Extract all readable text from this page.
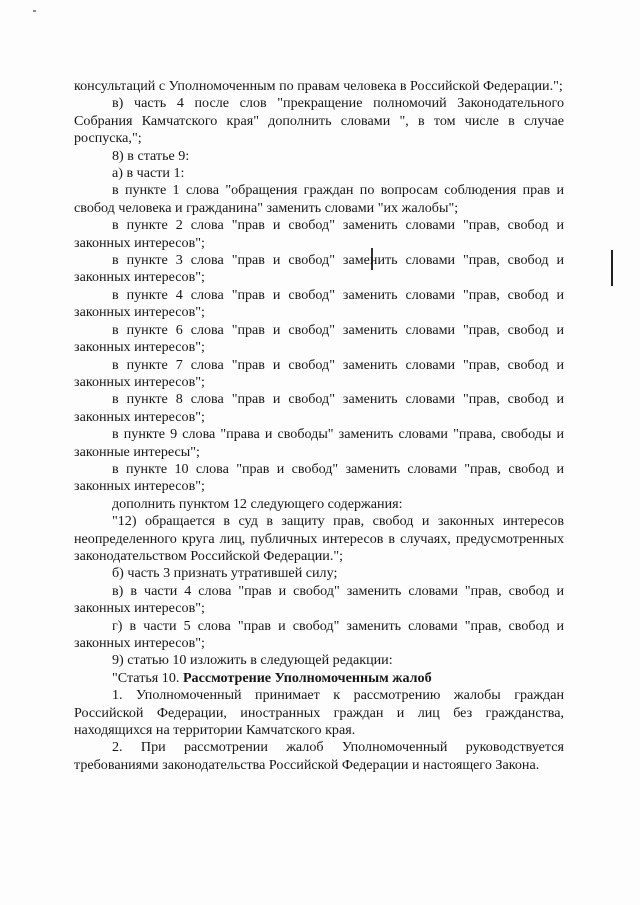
консультаций с Уполномоченным по правам человека в Российской Федерации.";

в) часть 4 после слов "прекращение полномочий Законодательного Собрания Камчатского края" дополнить словами ", в том числе в случае роспуска,";

8) в статье 9:

а) в части 1:

в пункте 1 слова "обращения граждан по вопросам соблюдения прав и свобод человека и гражданина" заменить словами "их жалобы";

в пункте 2 слова "прав и свобод" заменить словами "прав, свобод и законных интересов";

в пункте 3 слова "прав и свобод" заменить словами "прав, свобод и законных интересов";

в пункте 4 слова "прав и свобод" заменить словами "прав, свобод и законных интересов";

в пункте 6 слова "прав и свобод" заменить словами "прав, свобод и законных интересов";

в пункте 7 слова "прав и свобод" заменить словами "прав, свобод и законных интересов";

в пункте 8 слова "прав и свобод" заменить словами "прав, свобод и законных интересов";

в пункте 9 слова "права и свободы" заменить словами "права, свободы и законные интересы";

в пункте 10 слова "прав и свобод" заменить словами "прав, свобод и законных интересов";

дополнить пунктом 12 следующего содержания:

"12) обращается в суд в защиту прав, свобод и законных интересов неопределенного круга лиц, публичных интересов в случаях, предусмотренных законодательством Российской Федерации.";

б) часть 3 признать утратившей силу;

в) в части 4 слова "прав и свобод" заменить словами "прав, свобод и законных интересов";

г) в части 5 слова "прав и свобод" заменить словами "прав, свобод и законных интересов";

9) статью 10 изложить в следующей редакции:

"Статья 10. Рассмотрение Уполномоченным жалоб

1. Уполномоченный принимает к рассмотрению жалобы граждан Российской Федерации, иностранных граждан и лиц без гражданства, находящихся на территории Камчатского края.

2. При рассмотрении жалоб Уполномоченный руководствуется требованиями законодательства Российской Федерации и настоящего Закона.
